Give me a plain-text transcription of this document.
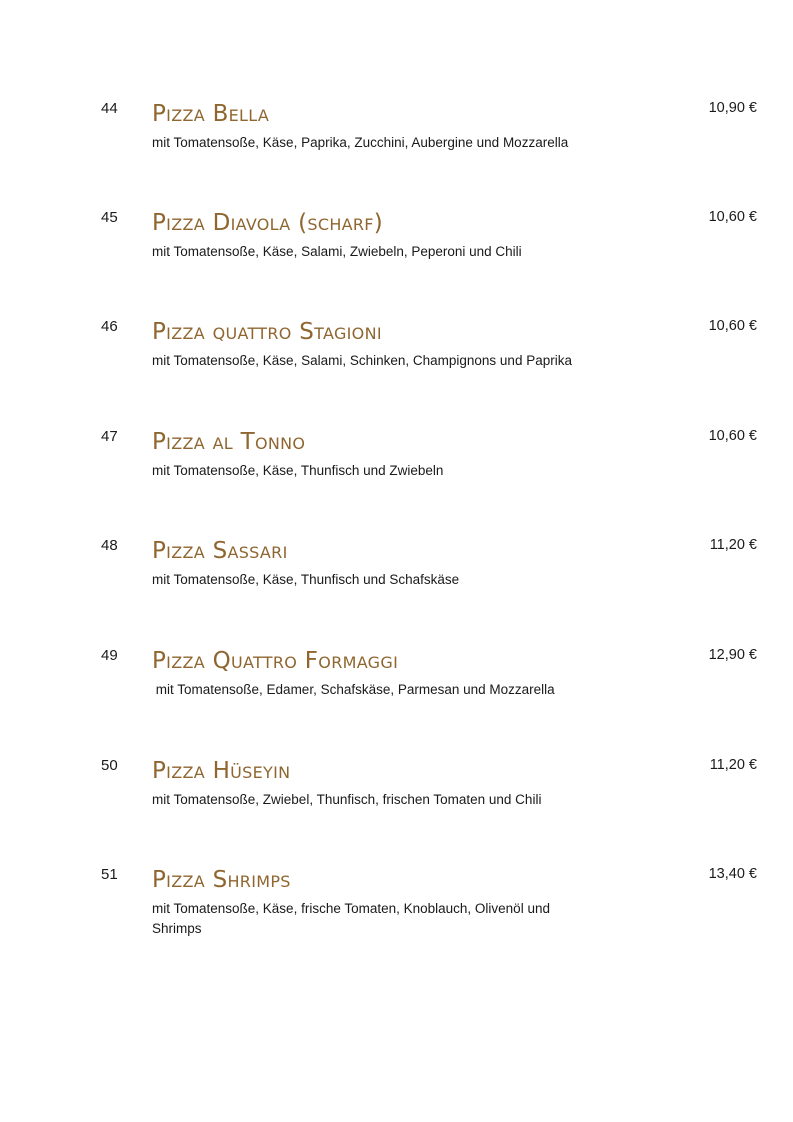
44 Pizza Bella
mit Tomatensoße, Käse, Paprika, Zucchini, Aubergine und Mozzarella
10,90 €
45 Pizza Diavola (scharf)
mit Tomatensoße, Käse, Salami, Zwiebeln, Peperoni und Chili
10,60 €
46 Pizza quattro Stagioni
mit Tomatensoße, Käse, Salami, Schinken, Champignons und Paprika
10,60 €
47 Pizza al Tonno
mit Tomatensoße, Käse, Thunfisch und Zwiebeln
10,60 €
48 Pizza Sassari
mit Tomatensoße, Käse, Thunfisch und Schafskäse
11,20 €
49 Pizza Quattro Formaggi
mit Tomatensoße, Edamer, Schafskäse, Parmesan und Mozzarella
12,90 €
50 Pizza Hüseyin
mit Tomatensoße, Zwiebel, Thunfisch, frischen Tomaten und Chili
11,20 €
51 Pizza Shrimps
mit Tomatensoße, Käse, frische Tomaten, Knoblauch, Olivenöl und Shrimps
13,40 €
